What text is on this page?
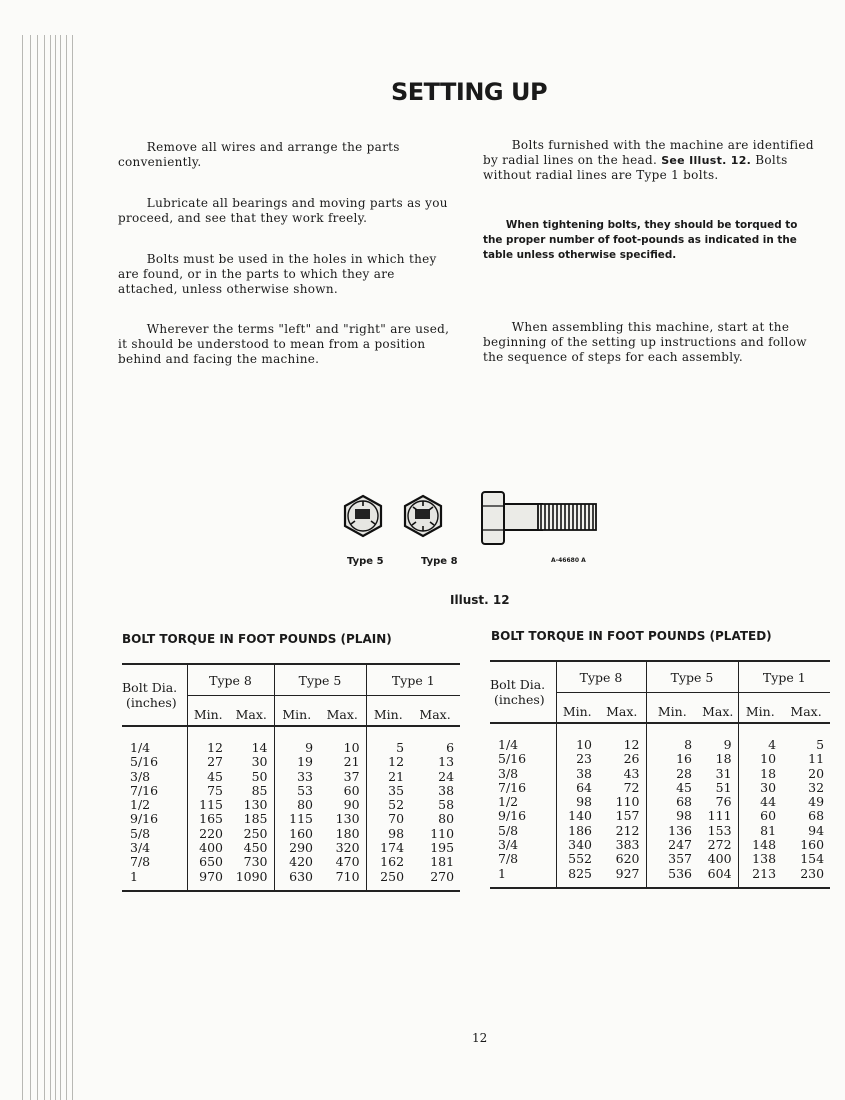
SETTING UP

Remove all wires and arrange the parts conveniently.

Lubricate all bearings and moving parts as you proceed, and see that they work freely.

Bolts must be used in the holes in which they are found, or in the parts to which they are attached, unless otherwise shown.

Wherever the terms "left" and "right" are used, it should be understood to mean from a position behind and facing the machine.

Bolts furnished with the machine are identified by radial lines on the head. See Illust. 12. Bolts without radial lines are Type 1 bolts.

When tightening bolts, they should be torqued to the proper number of foot-pounds as indicated in the table unless otherwise specified.

When assembling this machine, start at the beginning of the setting up instructions and follow the sequence of steps for each assembly.

Type 5	Type 8	A-46680 A
Illust. 12
BOLT TORQUE IN FOOT POUNDS (PLAIN)
Bolt Dia.
(inches)	Type 8		Type 5		Type 1	
	Min.	Max.	Min.	Max.	Min.	Max.
1/4	12	14	9	10	5	6
5/16	27	30	19	21	12	13
3/8	45	50	33	37	21	24
7/16	75	85	53	60	35	38
1/2	115	130	80	90	52	58
9/16	165	185	115	130	70	80
5/8	220	250	160	180	98	110
3/4	400	450	290	320	174	195
7/8	650	730	420	470	162	181
1	970	1090	630	710	250	270
BOLT TORQUE IN FOOT POUNDS (PLATED)
Bolt Dia.
(inches)	Type 8		Type 5		Type 1	
	Min.	Max.	Min.	Max.	Min.	Max.
1/4	10	12	8	9	4	5
5/16	23	26	16	18	10	11
3/8	38	43	28	31	18	20
7/16	64	72	45	51	30	32
1/2	98	110	68	76	44	49
9/16	140	157	98	111	60	68
5/8	186	212	136	153	81	94
3/4	340	383	247	272	148	160
7/8	552	620	357	400	138	154
1	825	927	536	604	213	230
12
